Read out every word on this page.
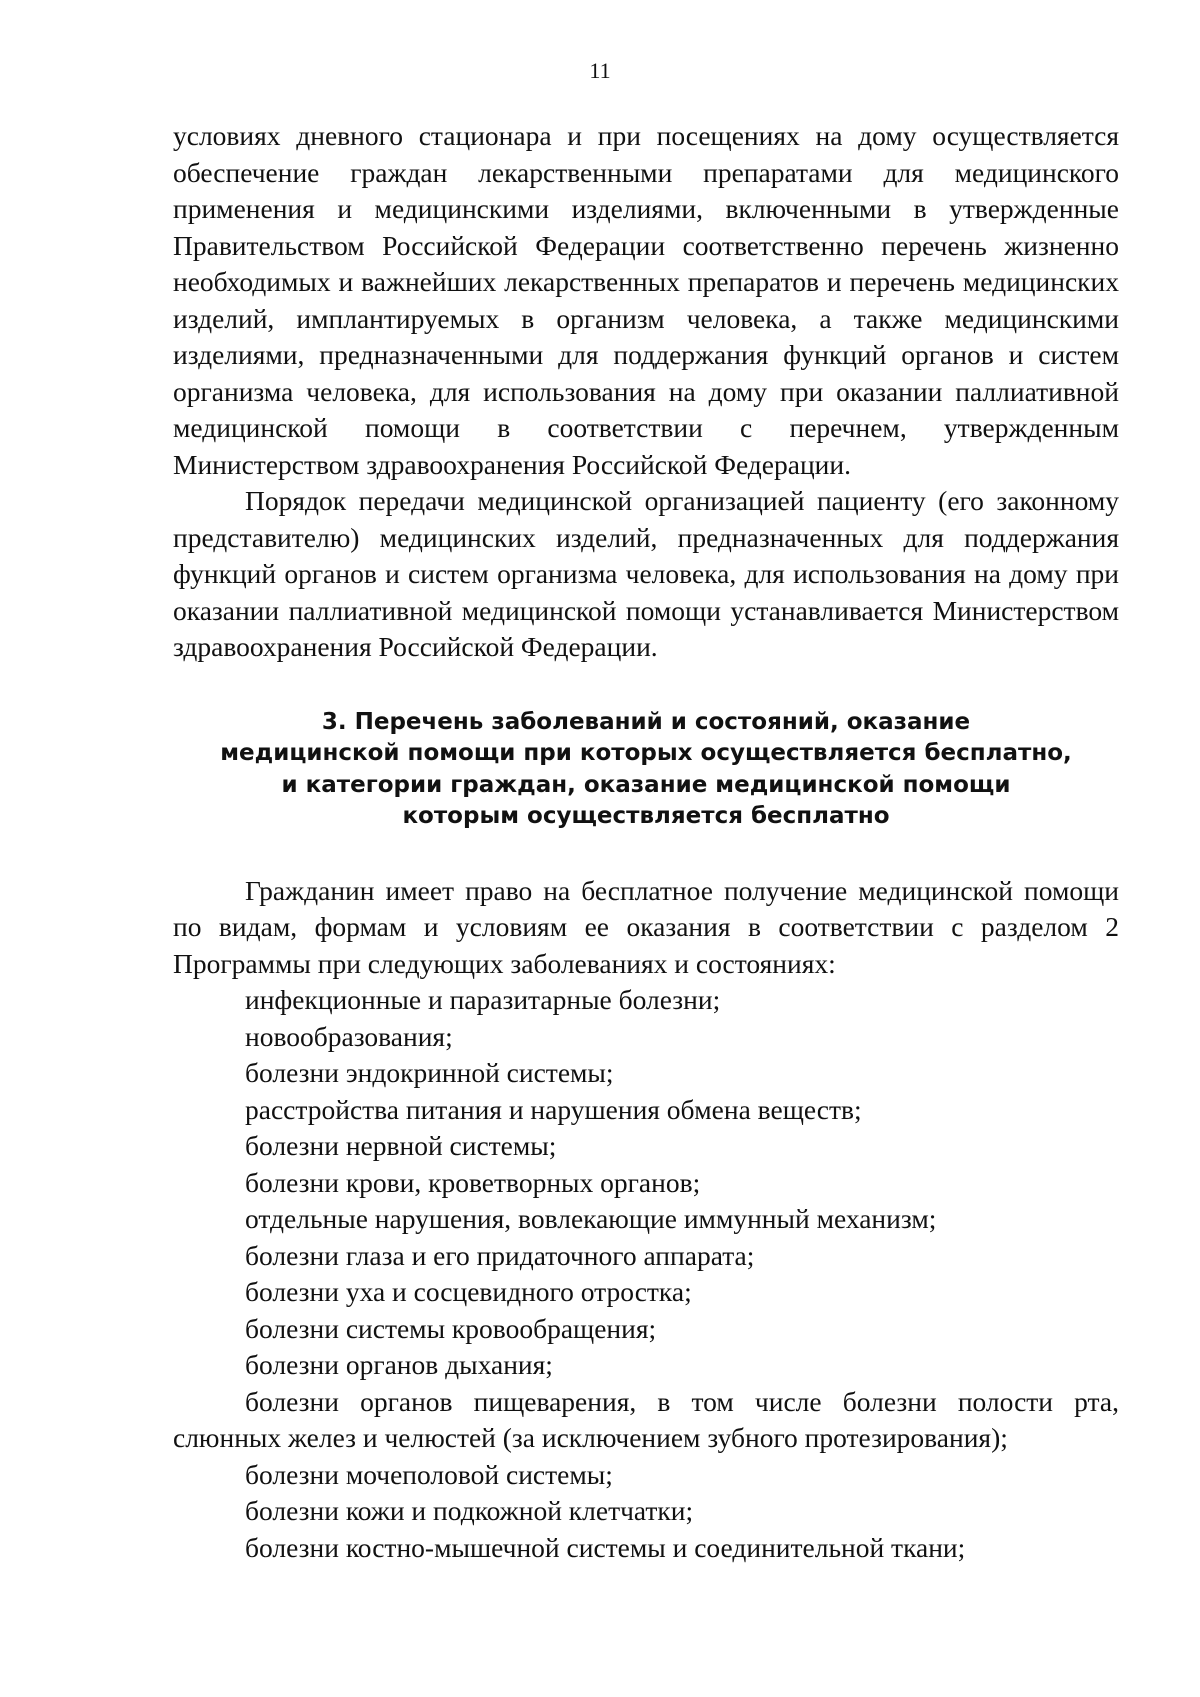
11

условиях дневного стационара и при посещениях на дому осуществляется обеспечение граждан лекарственными препаратами для медицинского применения и медицинскими изделиями, включенными в утвержденные Правительством Российской Федерации соответственно перечень жизненно необходимых и важнейших лекарственных препаратов и перечень медицинских изделий, имплантируемых в организм человека, а также медицинскими изделиями, предназначенными для поддержания функций органов и систем организма человека, для использования на дому при оказании паллиативной медицинской помощи в соответствии с перечнем, утвержденным Министерством здравоохранения Российской Федерации.

Порядок передачи медицинской организацией пациенту (его законному представителю) медицинских изделий, предназначенных для поддержания функций органов и систем организма человека, для использования на дому при оказании паллиативной медицинской помощи устанавливается Министерством здравоохранения Российской Федерации.

3. Перечень заболеваний и состояний, оказание
медицинской помощи при которых осуществляется бесплатно,
и категории граждан, оказание медицинской помощи
которым осуществляется бесплатно

Гражданин имеет право на бесплатное получение медицинской помощи по видам, формам и условиям ее оказания в соответствии с разделом 2 Программы при следующих заболеваниях и состояниях:

инфекционные и паразитарные болезни;
новообразования;
болезни эндокринной системы;
расстройства питания и нарушения обмена веществ;
болезни нервной системы;
болезни крови, кроветворных органов;
отдельные нарушения, вовлекающие иммунный механизм;
болезни глаза и его придаточного аппарата;
болезни уха и сосцевидного отростка;
болезни системы кровообращения;
болезни органов дыхания;
болезни органов пищеварения, в том числе болезни полости рта, слюнных желез и челюстей (за исключением зубного протезирования);
болезни мочеполовой системы;
болезни кожи и подкожной клетчатки;
болезни костно-мышечной системы и соединительной ткани;
